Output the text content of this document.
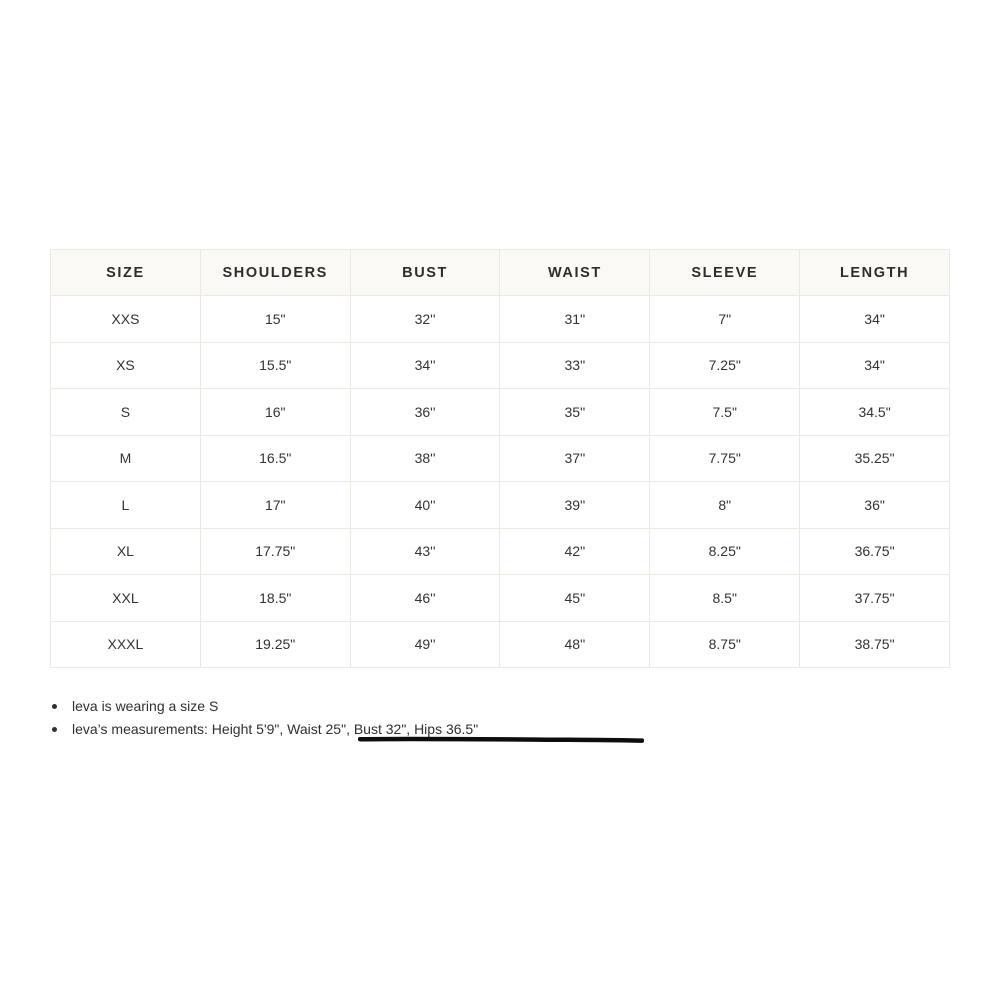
SIZE	SHOULDERS	BUST	WAIST	SLEEVE	LENGTH
XXS	15"	32''	31''	7"	34"
XS	15.5"	34''	33''	7.25"	34"
S	16"	36''	35''	7.5"	34.5"
M	16.5"	38''	37''	7.75"	35.25"
L	17"	40''	39''	8"	36"
XL	17.75"	43''	42''	8.25"	36.75"
XXL	18.5"	46''	45''	8.5"	37.75"
XXXL	19.25"	49''	48''	8.75"	38.75"
leva is wearing a size S
leva’s measurements: Height 5'9", Waist 25", Bust 32", Hips 36.5"
